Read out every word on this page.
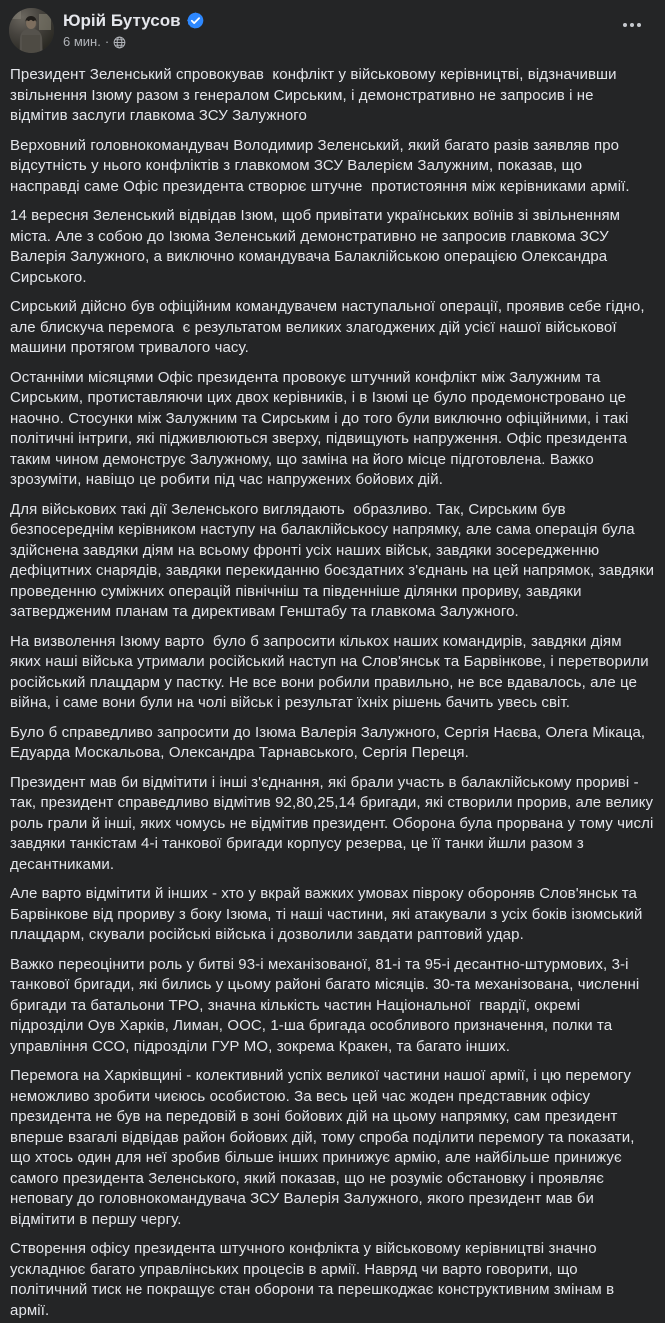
Юрій Бутусов
6 мин. ·

Президент Зеленський спровокував  конфлікт у військовому керівництві, відзначивши звільнення Ізюму разом з генералом Сирським, і демонстративно не запросив і не відмітив заслуги главкома ЗСУ Залужного

Верховний головнокомандувач Володимир Зеленський, який багато разів заявляв про відсутність у нього конфліктів з главкомом ЗСУ Валерієм Залужним, показав, що насправді саме Офіс президента створює штучне  протистояння між керівниками армії.

14 вересня Зеленський відвідав Ізюм, щоб привітати українських воїнів зі звільненням міста. Але з собою до Ізюма Зеленський демонстративно не запросив главкома ЗСУ Валерія Залужного, а виключно командувача Балаклійською операцією Олександра Сирського.

Сирський дійсно був офіційним командувачем наступальної операції, проявив себе гідно, але блискуча перемога  є результатом великих злагоджених дій усієї нашої військової машини протягом тривалого часу.

Останніми місяцями Офіс президента провокує штучний конфлікт між Залужним та Сирським, протиставляючи цих двох керівників, і в Ізюмі це було продемонстровано це наочно. Стосунки між Залужним та Сирським і до того були виключно офіційними, і такі політичні інтриги, які підживлюються зверху, підвищують напруження. Офіс президента таким чином демонструє Залужному, що заміна на його місце підготовлена. Важко зрозуміти, навіщо це робити під час напружених бойових дій.

Для військових такі дії Зеленського виглядають  образливо. Так, Сирським був безпосереднім керівником наступу на балаклійськосу напрямку, але сама операція була здійснена завдяки діям на всьому фронті усіх наших військ, завдяки зосередженню дефіцитних снарядів, завдяки перекиданню боєздатних з'єднань на цей напрямок, завдяки проведенню суміжних операцій північніш та південніше ділянки прориву, завдяки затвердженим планам та директивам Генштабу та главкома Залужного.

На визволення Ізюму варто  було б запросити кількох наших командирів, завдяки діям яких наші війська утримали російський наступ на Слов'янськ та Барвінкове, і перетворили російський плацдарм у пастку. Не все вони робили правильно, не все вдавалось, але це війна, і саме вони були на чолі військ і результат їхніх рішень бачить увесь світ.

Було б справедливо запросити до Ізюма Валерія Залужного, Сергія Наєва, Олега Мікаца, Едуарда Москальова, Олександра Тарнавського, Сергія Переця.

Президент мав би відмітити і інші з'єднання, які брали участь в балаклійському прориві - так, президент справедливо відмітив 92,80,25,14 бригади, які створили прорив, але велику роль грали й інші, яких чомусь не відмітив президент. Оборона була прорвана у тому числі завдяки танкістам 4-і танкової бригади корпусу резерва, це її танки йшли разом з десантниками.

Але варто відмітити й інших - хто у вкрай важких умовах півроку обороняв Слов'янськ та Барвінкове від прориву з боку Ізюма, ті наші частини, які атакували з усіх боків ізюмський плацдарм, скували російські війська і дозволили завдати раптовий удар.

Важко переоцінити роль у битві 93-і механізованої, 81-і та 95-і десантно-штурмових, 3-і танкової бригади, які бились у цьому районі багато місяців. 30-та механізована, численні бригади та батальони ТРО, значна кількість частин Національної  гвардії, окремі підрозділи Оув Харків, Лиман, ООС, 1-ша бригада особливого призначення, полки та управління ССО, підрозділи ГУР МО, зокрема Кракен, та багато інших.

Перемога на Харківщині - колективний успіх великої частини нашої армії, і цю перемогу неможливо зробити чиєюсь особистою. За весь цей час жоден представник офісу президента не був на передовій в зоні бойових дій на цьому напрямку, сам президент вперше взагалі відвідав район бойових дій, тому спроба поділити перемогу та показати, що хтось один для неї зробив більше інших принижує армію, але найбільше принижує самого президента Зеленського, який показав, що не розуміє обстановку і проявляє неповагу до головнокомандувача ЗСУ Валерія Залужного, якого президент мав би відмітити в першу чергу.

Створення офісу президента штучного конфлікта у військовому керівництві значно ускладнює багато управлінських процесів в армії. Навряд чи варто говорити, що політичний тиск не покращує стан оборони та перешкоджає конструктивним змінам в армії.
